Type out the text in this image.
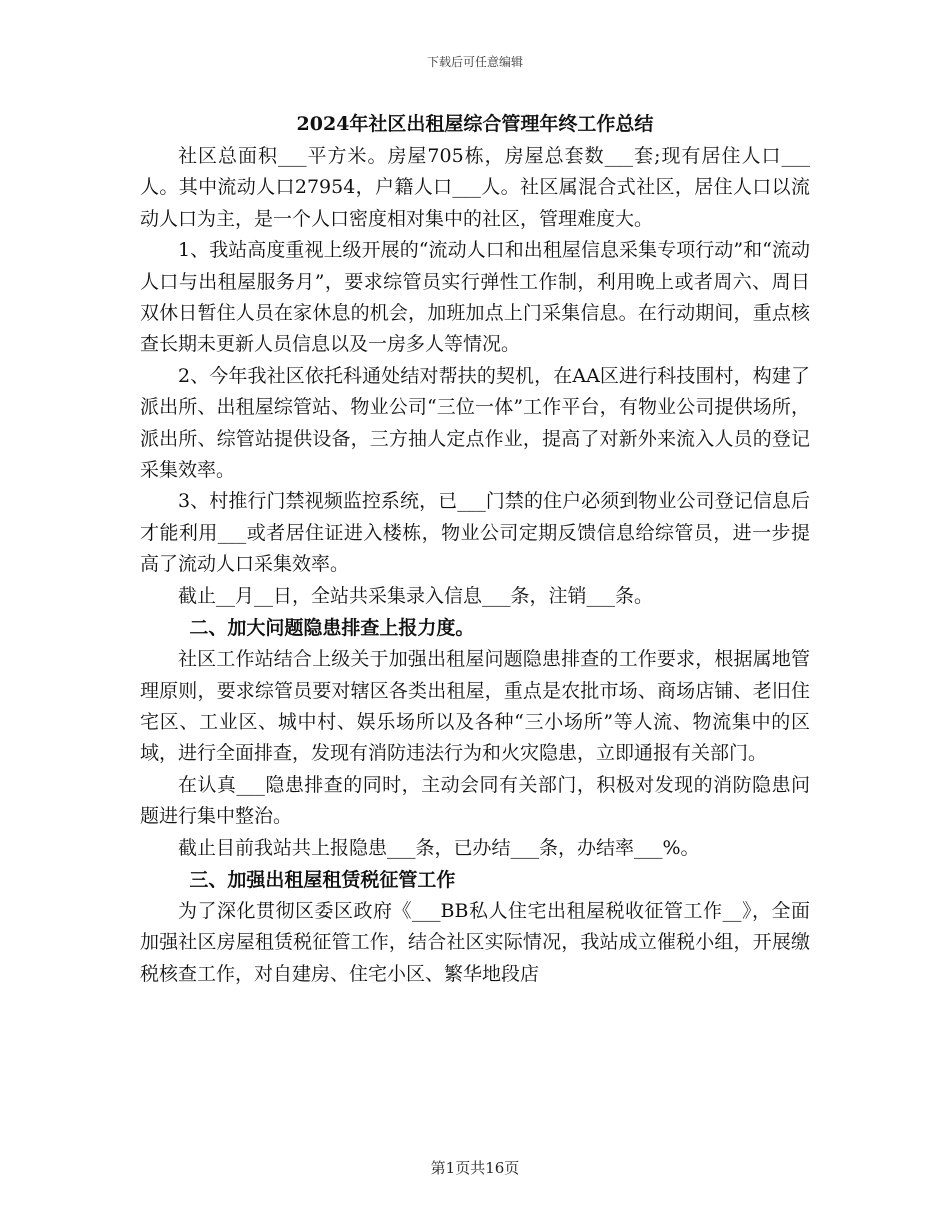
下载后可任意编辑
2024年社区出租屋综合管理年终工作总结

社区总面积___平方米。房屋705栋，房屋总套数___套;现有居住人口___人。其中流动人口27954，户籍人口___人。社区属混合式社区，居住人口以流动人口为主，是一个人口密度相对集中的社区，管理难度大。

1、我站高度重视上级开展的“流动人口和出租屋信息采集专项行动”和“流动人口与出租屋服务月”，要求综管员实行弹性工作制，利用晚上或者周六、周日双休日暂住人员在家休息的机会，加班加点上门采集信息。在行动期间，重点核查长期未更新人员信息以及一房多人等情况。

2、今年我社区依托科通处结对帮扶的契机，在AA区进行科技围村，构建了派出所、出租屋综管站、物业公司“三位一体”工作平台，有物业公司提供场所，派出所、综管站提供设备，三方抽人定点作业，提高了对新外来流入人员的登记采集效率。

3、村推行门禁视频监控系统，已___门禁的住户必须到物业公司登记信息后才能利用___或者居住证进入楼栋，物业公司定期反馈信息给综管员，进一步提高了流动人口采集效率。

截止__月__日，全站共采集录入信息___条，注销___条。

二、加大问题隐患排查上报力度。

社区工作站结合上级关于加强出租屋问题隐患排查的工作要求，根据属地管理原则，要求综管员要对辖区各类出租屋，重点是农批市场、商场店铺、老旧住宅区、工业区、城中村、娱乐场所以及各种“三小场所”等人流、物流集中的区域，进行全面排查，发现有消防违法行为和火灾隐患，立即通报有关部门。

在认真___隐患排查的同时，主动会同有关部门，积极对发现的消防隐患问题进行集中整治。

截止目前我站共上报隐患___条，已办结___条，办结率___%。

三、加强出租屋租赁税征管工作

为了深化贯彻区委区政府《___BB私人住宅出租屋税收征管工作__》，全面加强社区房屋租赁税征管工作，结合社区实际情况，我站成立催税小组，开展缴税核查工作，对自建房、住宅小区、繁华地段店

第1页共16页
